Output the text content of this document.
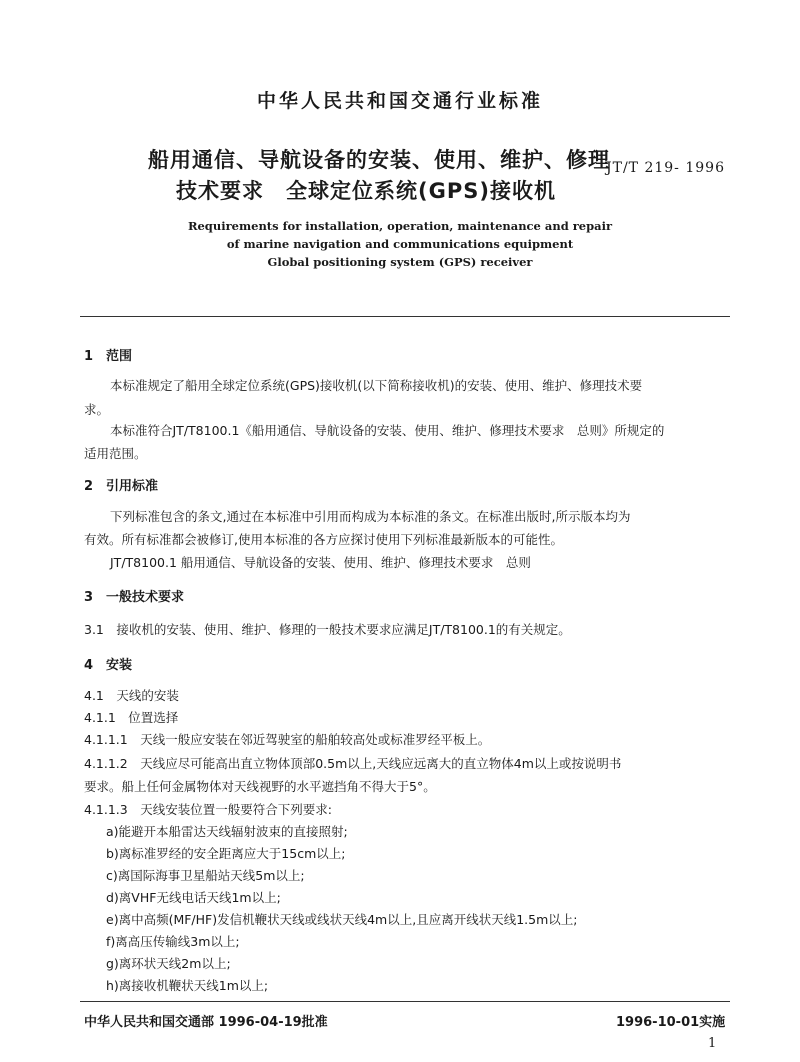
中华人民共和国交通行业标准
船用通信、导航设备的安装、使用、维护、修理
技术要求　全球定位系统(GPS)接收机
JT/T 219- 1996
Requirements for installation, operation, maintenance and repair
of marine navigation and communications equipment
Global positioning system (GPS) receiver
1　范围
本标准规定了船用全球定位系统(GPS)接收机(以下简称接收机)的安装、使用、维护、修理技术要
求。
本标准符合JT/T8100.1《船用通信、导航设备的安装、使用、维护、修理技术要求　总则》所规定的
适用范围。
2　引用标准
下列标准包含的条文,通过在本标准中引用而构成为本标准的条文。在标准出版时,所示版本均为
有效。所有标准都会被修订,使用本标准的各方应探讨使用下列标准最新版本的可能性。
JT/T8100.1 船用通信、导航设备的安装、使用、维护、修理技术要求　总则
3　一般技术要求
3.1　接收机的安装、使用、维护、修理的一般技术要求应满足JT/T8100.1的有关规定。
4　安装
4.1　天线的安装
4.1.1　位置选择
4.1.1.1　天线一般应安装在邻近驾驶室的船舶较高处或标准罗经平板上。
4.1.1.2　天线应尽可能高出直立物体顶部0.5m以上,天线应远离大的直立物体4m以上或按说明书
要求。船上任何金属物体对天线视野的水平遮挡角不得大于5°。
4.1.1.3　天线安装位置一般要符合下列要求:
a)能避开本船雷达天线辐射波束的直接照射;
b)离标准罗经的安全距离应大于15cm以上;
c)离国际海事卫星船站天线5m以上;
d)离VHF无线电话天线1m以上;
e)离中高频(MF/HF)发信机鞭状天线或线状天线4m以上,且应离开线状天线1.5m以上;
f)离高压传输线3m以上;
g)离环状天线2m以上;
h)离接收机鞭状天线1m以上;
中华人民共和国交通部 1996-04-19批准	1996-10-01实施
1
